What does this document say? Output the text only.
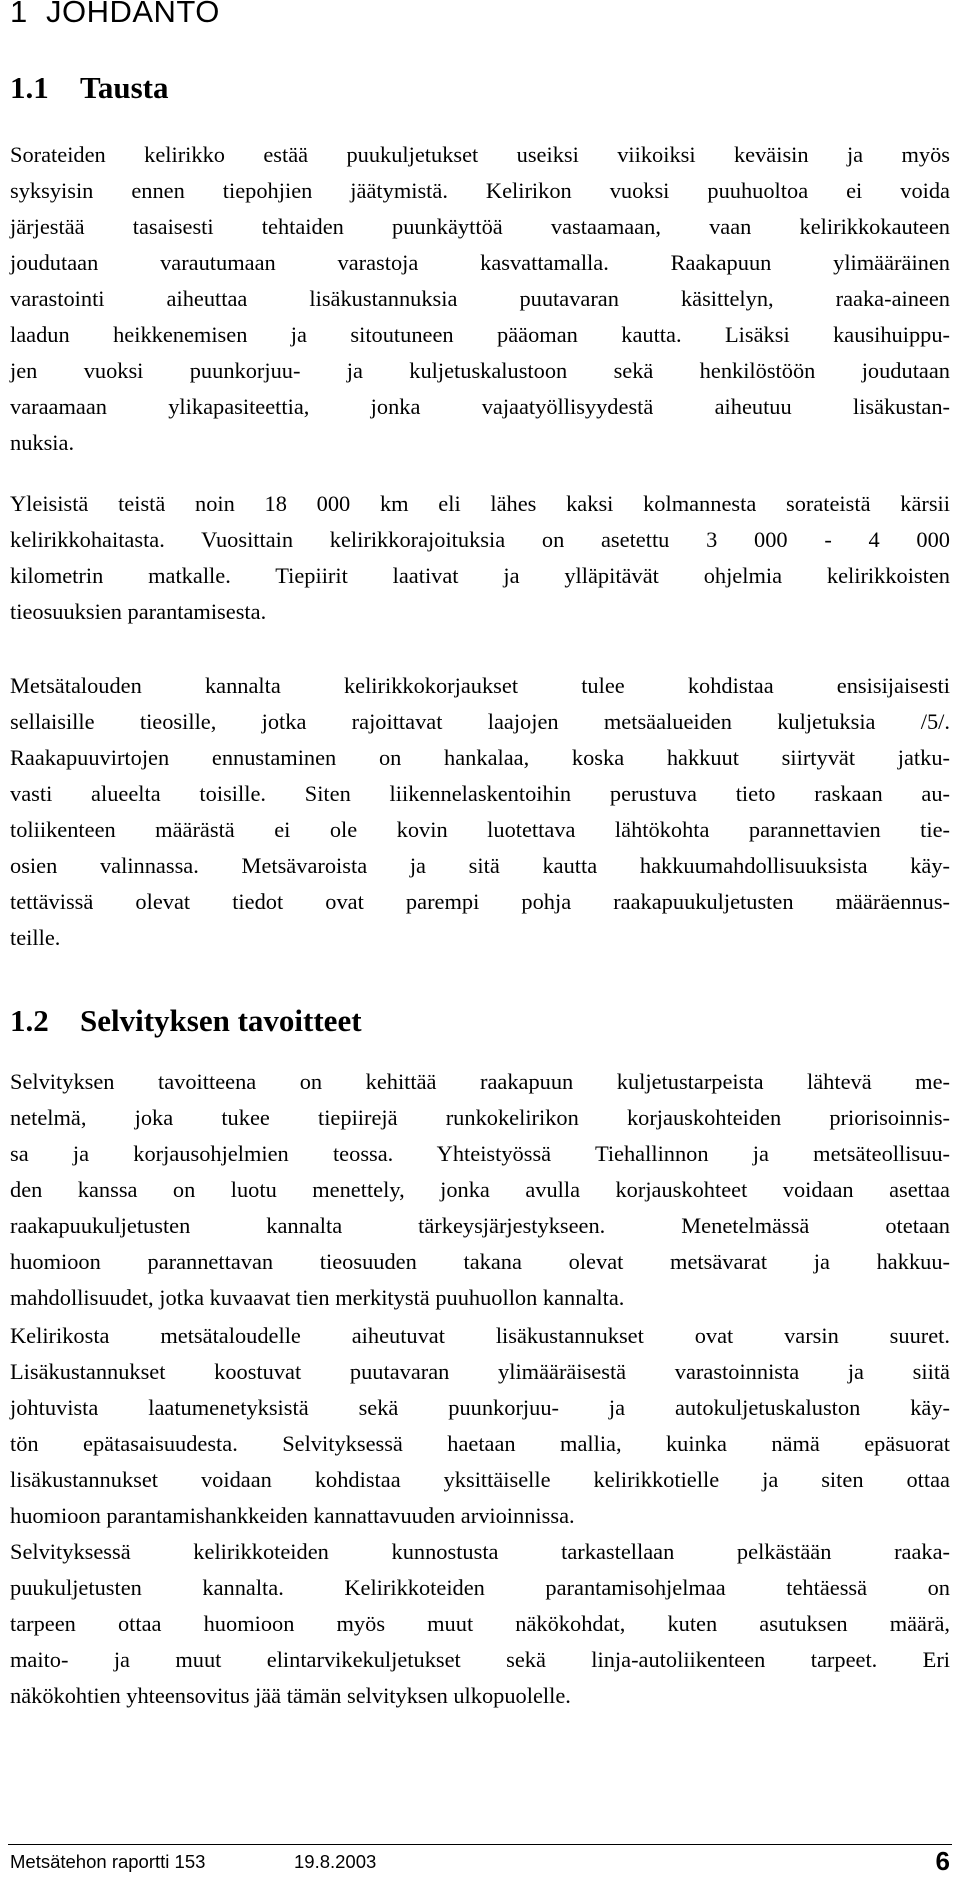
1 JOHDANTO
1.1 Tausta
Sorateiden kelirikko estää puukuljetukset useiksi viikoiksi keväisin ja myös
syksyisin ennen tiepohjien jäätymistä. Kelirikon vuoksi puuhuoltoa ei voida
järjestää tasaisesti tehtaiden puunkäyttöä vastaamaan, vaan kelirikkokauteen
joudutaan varautumaan varastoja kasvattamalla. Raakapuun ylimääräinen
varastointi aiheuttaa lisäkustannuksia puutavaran käsittelyn, raaka-aineen
laadun heikkenemisen ja sitoutuneen pääoman kautta. Lisäksi kausihuippu-
jen vuoksi puunkorjuu- ja kuljetuskalustoon sekä henkilöstöön joudutaan
varaamaan ylikapasiteettia, jonka vajaatyöllisyydestä aiheutuu lisäkustan-
nuksia.
Yleisistä teistä noin 18 000 km eli lähes kaksi kolmannesta sorateistä kärsii
kelirikkohaitasta. Vuosittain kelirikkorajoituksia on asetettu 3 000 - 4 000
kilometrin matkalle. Tiepiirit laativat ja ylläpitävät ohjelmia kelirikkoisten
tieosuuksien parantamisesta.
Metsätalouden kannalta kelirikkokorjaukset tulee kohdistaa ensisijaisesti
sellaisille tieosille, jotka rajoittavat laajojen metsäalueiden kuljetuksia /5/.
Raakapuuvirtojen ennustaminen on hankalaa, koska hakkuut siirtyvät jatku-
vasti alueelta toisille. Siten liikennelaskentoihin perustuva tieto raskaan au-
toliikenteen määrästä ei ole kovin luotettava lähtökohta parannettavien tie-
osien valinnassa. Metsävaroista ja sitä kautta hakkuumahdollisuuksista käy-
tettävissä olevat tiedot ovat parempi pohja raakapuukuljetusten määräennus-
teille.
1.2 Selvityksen tavoitteet
Selvityksen tavoitteena on kehittää raakapuun kuljetustarpeista lähtevä me-
netelmä, joka tukee tiepiirejä runkokelirikon korjauskohteiden priorisoinnis-
sa ja korjausohjelmien teossa. Yhteistyössä Tiehallinnon ja metsäteollisuu-
den kanssa on luotu menettely, jonka avulla korjauskohteet voidaan asettaa
raakapuukuljetusten kannalta tärkeysjärjestykseen. Menetelmässä otetaan
huomioon parannettavan tieosuuden takana olevat metsävarat ja hakkuu-
mahdollisuudet, jotka kuvaavat tien merkitystä puuhuollon kannalta.
Kelirikosta metsätaloudelle aiheutuvat lisäkustannukset ovat varsin suuret.
Lisäkustannukset koostuvat puutavaran ylimääräisestä varastoinnista ja siitä
johtuvista laatumenetyksistä sekä puunkorjuu- ja autokuljetuskaluston käy-
tön epätasaisuudesta. Selvityksessä haetaan mallia, kuinka nämä epäsuorat
lisäkustannukset voidaan kohdistaa yksittäiselle kelirikkotielle ja siten ottaa
huomioon parantamishankkeiden kannattavuuden arvioinnissa.
Selvityksessä kelirikkoteiden kunnostusta tarkastellaan pelkästään raaka-
puukuljetusten kannalta. Kelirikkoteiden parantamisohjelmaa tehtäessä on
tarpeen ottaa huomioon myös muut näkökohdat, kuten asutuksen määrä,
maito- ja muut elintarvikekuljetukset sekä linja-autoliikenteen tarpeet. Eri
näkökohtien yhteensovitus jää tämän selvityksen ulkopuolelle.
Metsätehon raportti 153	19.8.2003	6
